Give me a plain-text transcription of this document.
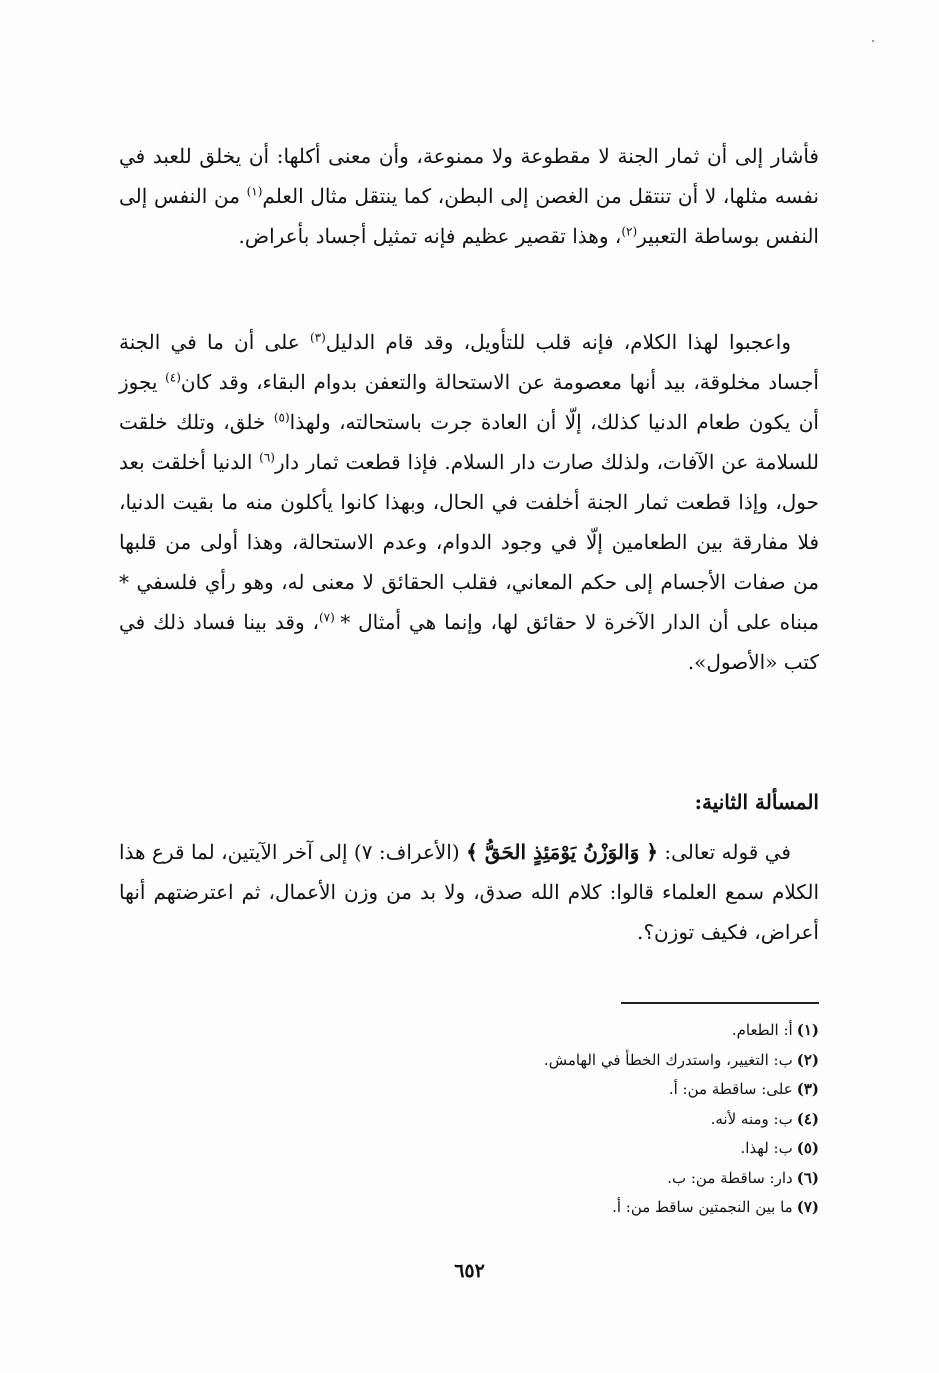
فأشار إلى أن ثمار الجنة لا مقطوعة ولا ممنوعة، وأن معنى أكلها: أن يخلق للعبد في نفسه مثلها، لا أن تنتقل من الغصن إلى البطن، كما ينتقل مثال العلم$^{(١)}$ من النفس إلى النفس بوساطة التعبير$^{(٢)}$، وهذا تقصير عظيم فإنه تمثيل أجساد بأعراض.

واعجبوا لهذا الكلام، فإنه قلب للتأويل، وقد قام الدليل$^{(٣)}$ على أن ما في الجنة أجساد مخلوقة، بيد أنها معصومة عن الاستحالة والتعفن بدوام البقاء، وقد كان$^{(٤)}$ يجوز أن يكون طعام الدنيا كذلك، إلّا أن العادة جرت باستحالته، ولهذا$^{(٥)}$ خلق، وتلك خلقت للسلامة عن الآفات، ولذلك صارت دار السلام. فإذا قطعت ثمار دار$^{(٦)}$ الدنيا أخلقت بعد حول، وإذا قطعت ثمار الجنة أخلفت في الحال، وبهذا كانوا يأكلون منه ما بقيت الدنيا، فلا مفارقة بين الطعامين إلّا في وجود الدوام، وعدم الاستحالة، وهذا أولى من قلبها من صفات الأجسام إلى حكم المعاني، فقلب الحقائق لا معنى له، وهو رأي فلسفي * مبناه على أن الدار الآخرة لا حقائق لها، وإنما هي أمثال * $^{(٧)}$، وقد بينا فساد ذلك في كتب «الأصول».

المسألة الثانية:

في قوله تعالى: ﴿ وَالوَزْنُ يَوْمَئِذٍ الحَقُّ ﴾ (الأعراف: ٧) إلى آخر الآيتين، لما قرع هذا الكلام سمع العلماء قالوا: كلام الله صدق، ولا بد من وزن الأعمال، ثم اعترضتهم أنها أعراض، فكيف توزن؟.

(١)أ: الطعام.
(٢)ب: التغيير، واستدرك الخطأ في الهامش.
(٣)على: ساقطة من: أ.
(٤)ب: ومنه لأنه.
(٥)ب: لهذا.
(٦)دار: ساقطة من: ب.
(٧)ما بين النجمتين ساقط من: أ.
٦٥٢
